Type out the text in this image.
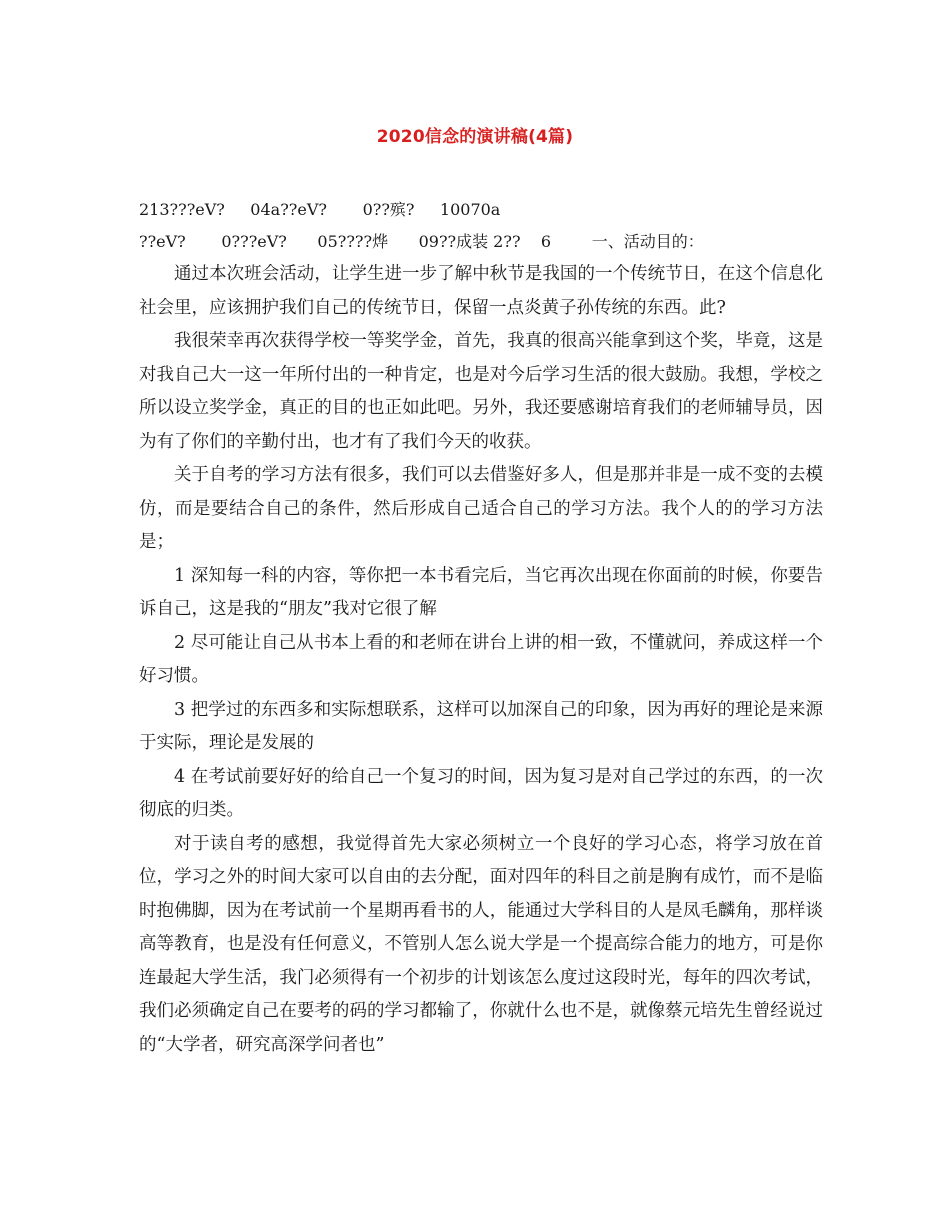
2020信念的演讲稿(4篇)
213???eV?     04a??eV?       0??殡?     10070a
??eV?       0???eV?      05????烨      09??成装 2??    6        一、活动目的：

通过本次班会活动，让学生进一步了解中秋节是我国的一个传统节日，在这个信息化社会里，应该拥护我们自己的传统节日，保留一点炎黄子孙传统的东西。此?

我很荣幸再次获得学校一等奖学金，首先，我真的很高兴能拿到这个奖，毕竟，这是对我自己大一这一年所付出的一种肯定，也是对今后学习生活的很大鼓励。我想，学校之所以设立奖学金，真正的目的也正如此吧。另外，我还要感谢培育我们的老师辅导员，因为有了你们的辛勤付出，也才有了我们今天的收获。

关于自考的学习方法有很多，我们可以去借鉴好多人，但是那并非是一成不变的去模仿，而是要结合自己的条件，然后形成自己适合自己的学习方法。我个人的的学习方法是；

1 深知每一科的内容，等你把一本书看完后，当它再次出现在你面前的时候，你要告诉自己，这是我的“朋友”我对它很了解

2 尽可能让自己从书本上看的和老师在讲台上讲的相一致，不懂就问，养成这样一个好习惯。

3 把学过的东西多和实际想联系，这样可以加深自己的印象，因为再好的理论是来源于实际，理论是发展的

4 在考试前要好好的给自己一个复习的时间，因为复习是对自己学过的东西，的一次彻底的归类。

对于读自考的感想，我觉得首先大家必须树立一个良好的学习心态，将学习放在首位，学习之外的时间大家可以自由的去分配，面对四年的科目之前是胸有成竹，而不是临时抱佛脚，因为在考试前一个星期再看书的人，能通过大学科目的人是凤毛麟角，那样谈高等教育，也是没有任何意义，不管别人怎么说大学是一个提高综合能力的地方，可是你连最起大学生活，我门必须得有一个初步的计划该怎么度过这段时光，每年的四次考试，我们必须确定自己在要考的码的学习都输了，你就什么也不是，就像蔡元培先生曾经说过的“大学者，研究高深学问者也”
